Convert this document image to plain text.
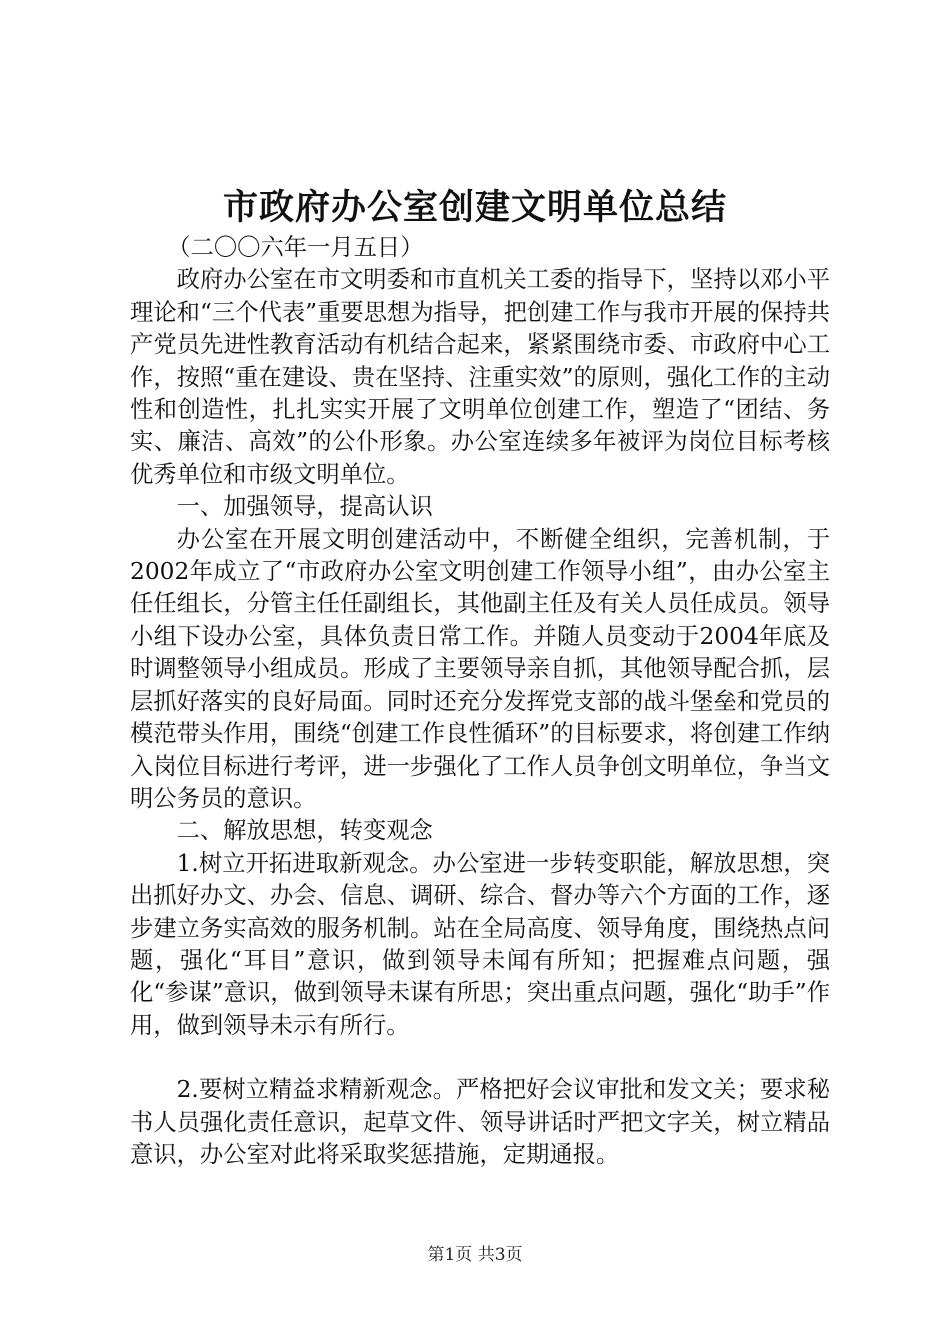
市政府办公室创建文明单位总结

（二〇〇六年一月五日）

政府办公室在市文明委和市直机关工委的指导下，坚持以邓小平理论和“三个代表”重要思想为指导，把创建工作与我市开展的保持共产党员先进性教育活动有机结合起来，紧紧围绕市委、市政府中心工作，按照“重在建设、贵在坚持、注重实效”的原则，强化工作的主动性和创造性，扎扎实实开展了文明单位创建工作，塑造了“团结、务实、廉洁、高效”的公仆形象。办公室连续多年被评为岗位目标考核优秀单位和市级文明单位。

一、加强领导，提高认识

办公室在开展文明创建活动中，不断健全组织，完善机制，于2002年成立了“市政府办公室文明创建工作领导小组”，由办公室主任任组长，分管主任任副组长，其他副主任及有关人员任成员。领导小组下设办公室，具体负责日常工作。并随人员变动于2004年底及时调整领导小组成员。形成了主要领导亲自抓，其他领导配合抓，层层抓好落实的良好局面。同时还充分发挥党支部的战斗堡垒和党员的模范带头作用，围绕“创建工作良性循环”的目标要求，将创建工作纳入岗位目标进行考评，进一步强化了工作人员争创文明单位，争当文明公务员的意识。

二、解放思想，转变观念

1.树立开拓进取新观念。办公室进一步转变职能，解放思想，突出抓好办文、办会、信息、调研、综合、督办等六个方面的工作，逐步建立务实高效的服务机制。站在全局高度、领导角度，围绕热点问题，强化“耳目”意识，做到领导未闻有所知；把握难点问题，强化“参谋”意识，做到领导未谋有所思；突出重点问题，强化“助手”作用，做到领导未示有所行。

2.要树立精益求精新观念。严格把好会议审批和发文关；要求秘书人员强化责任意识，起草文件、领导讲话时严把文字关，树立精品意识，办公室对此将采取奖惩措施，定期通报。

第1页 共3页
